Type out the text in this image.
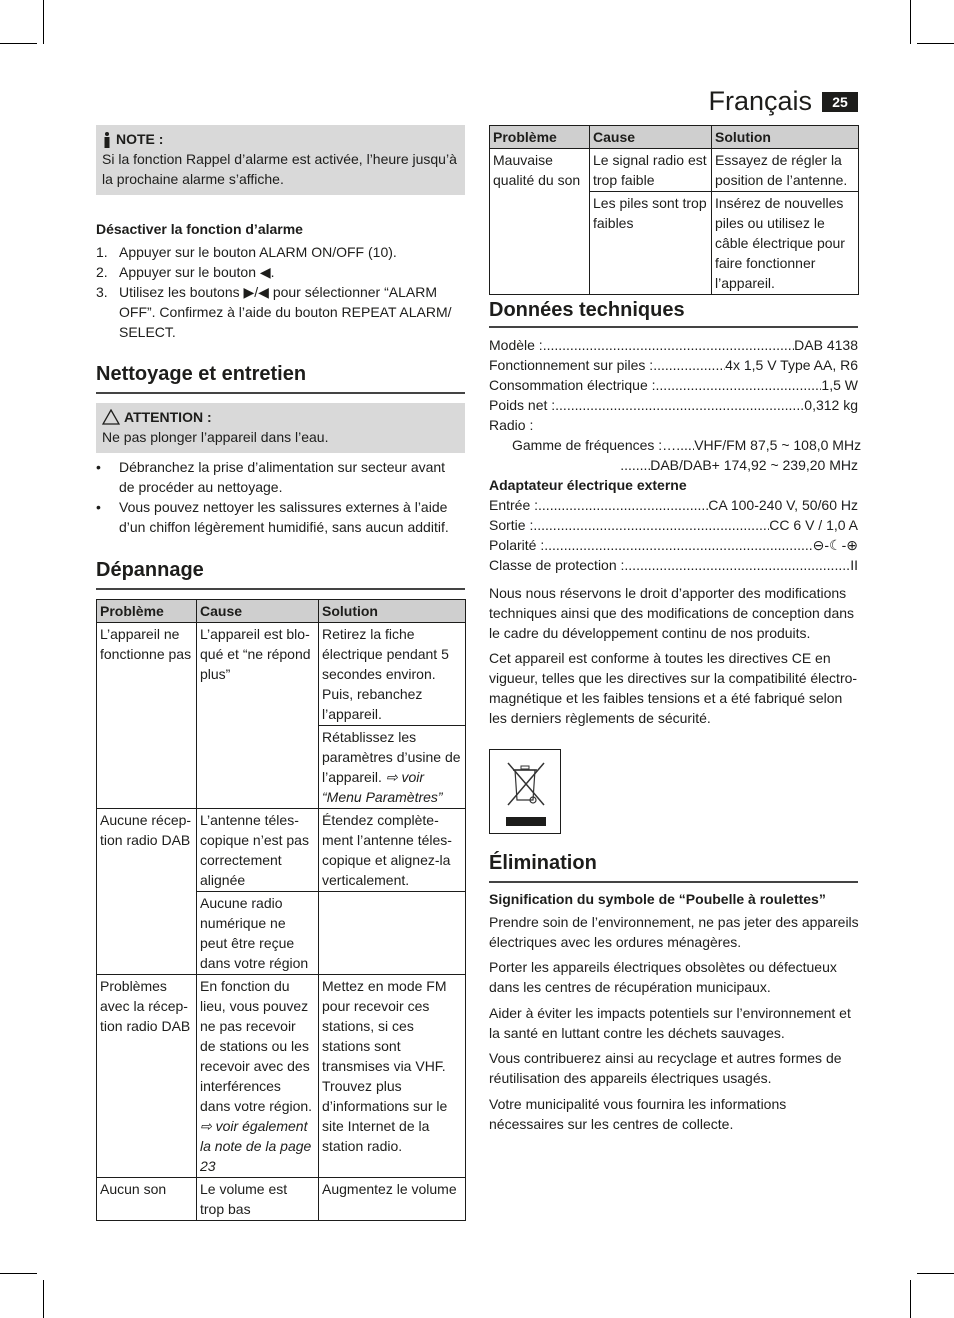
Français	25
NOTE :
Si la fonction Rappel d’alarme est activée, l’heure jusqu’à la prochaine alarme s’affiche.
Désactiver la fonction d’alarme
1. Appuyer sur le bouton ALARM ON/OFF (10).
2. Appuyer sur le bouton ◀.
3. Utilisez les boutons ▶/◀ pour sélectionner “ALARM OFF”. Confirmez à l’aide du bouton REPEAT ALARM/ SELECT.
Nettoyage et entretien
ATTENTION :
Ne pas plonger l’appareil dans l’eau.
• Débranchez la prise d’alimentation sur secteur avant de procéder au nettoyage.
• Vous pouvez nettoyer les salissures externes à l’aide d’un chiffon légèrement humidifié, sans aucun additif.
Dépannage
Problème	Cause	Solution
L’appareil ne fonctionne pas	L’appareil est blo- qué et “ne répond plus”	Retirez la fiche électrique pendant 5 secondes environ. Puis, rebanchez l’appareil.
		Rétablissez les paramètres d’usine de l’appareil. ⇨ voir “Menu Paramètres”
Aucune récep- tion radio DAB	L’antenne téles- copique n’est pas correctement alignée	Étendez complète- ment l’antenne téles- copique et alignez-la verticalement.
	Aucune radio numérique ne peut être reçue dans votre région	
Problèmes avec la récep- tion radio DAB	En fonction du lieu, vous pouvez ne pas recevoir de stations ou les recevoir avec des interférences dans votre région. ⇨ voir également la note de la page 23	Mettez en mode FM pour recevoir ces stations, si ces stations sont transmises via VHF. Trouvez plus d’informations sur le site Internet de la station radio.
Aucun son	Le volume est trop bas	Augmentez le volume
Problème	Cause	Solution
Mauvaise qualité du son	Le signal radio est trop faible	Essayez de régler la position de l’antenne.
	Les piles sont trop faibles	Insérez de nouvelles piles ou utilisez le câble électrique pour faire fonctionner l’appareil.
Données techniques
Modèle : .....	DAB 4138
Fonctionnement sur piles : .....	4x 1,5 V Type AA, R6
Consommation électrique : .....	1,5 W
Poids net : .....	0,312 kg
Radio :
Gamme de fréquences :… ..... VHF/FM 87,5 ~ 108,0 MHz
.....
DAB/DAB+ 174,92 ~ 239,20 MHz
Adaptateur électrique externe
Entrée : .....	CA 100-240 V, 50/60 Hz
Sortie : .....	CC 6 V / 1,0 A
Polarité : .....	⊖-☾-⊕
Classe de protection : .....	II
Nous nous réservons le droit d’apporter des modifications techniques ainsi que des modifications de conception dans le cadre du développement continu de nos produits.
Cet appareil est conforme à toutes les directives CE en vigueur, telles que les directives sur la compatibilité électro- magnétique et les faibles tensions et a été fabriqué selon les derniers règlements de sécurité.
Élimination
Signification du symbole de “Poubelle à roulettes”
Prendre soin de l’environnement, ne pas jeter des appareils électriques avec les ordures ménagères.
Porter les appareils électriques obsolètes ou défectueux dans les centres de récupération municipaux.
Aider à éviter les impacts potentiels sur l’environnement et la santé en luttant contre les déchets sauvages.
Vous contribuerez ainsi au recyclage et autres formes de réutilisation des appareils électriques usagés.
Votre municipalité vous fournira les informations nécessaires sur les centres de collecte.
